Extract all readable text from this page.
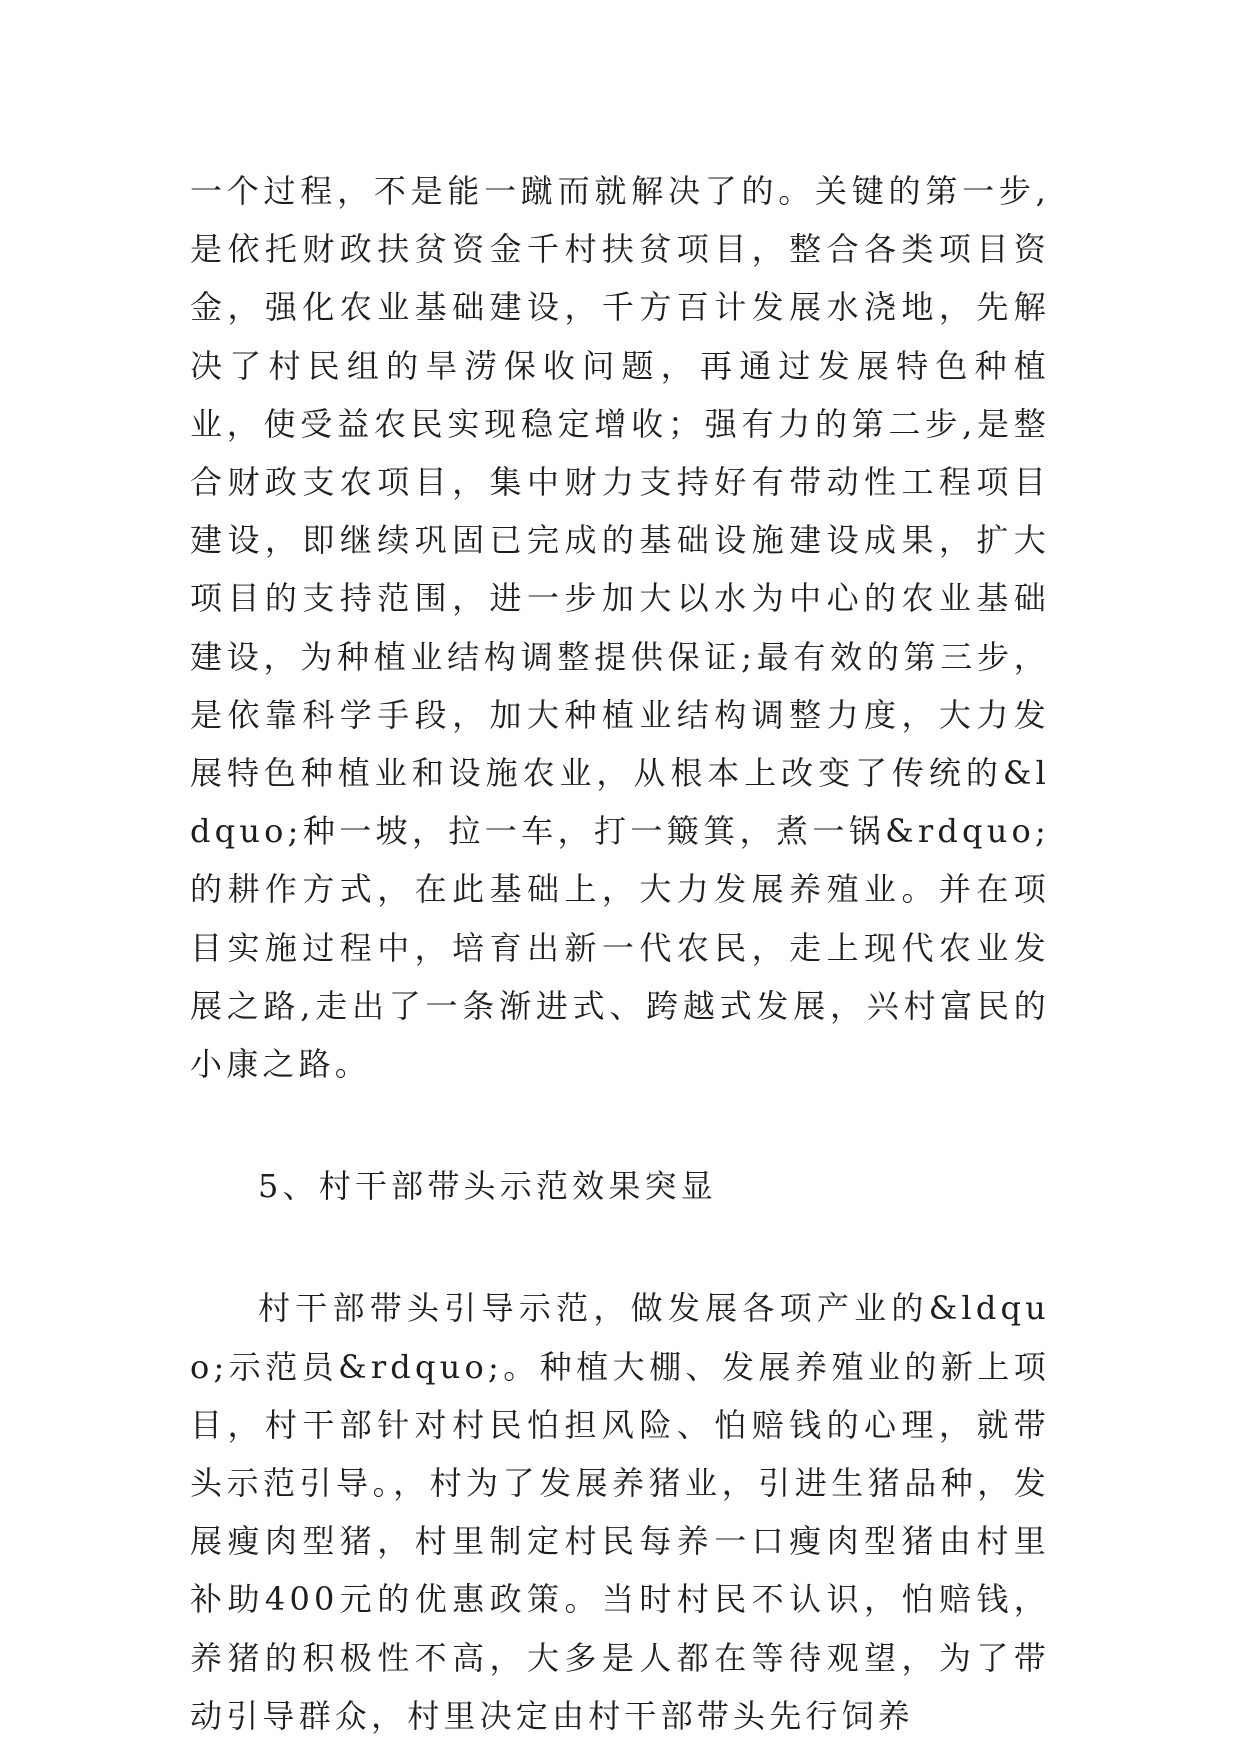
一个过程，不是能一蹴而就解决了的。关键的第一步,是依托财政扶贫资金千村扶贫项目，整合各类项目资金，强化农业基础建设，千方百计发展水浇地，先解决了村民组的旱涝保收问题，再通过发展特色种植业，使受益农民实现稳定增收；强有力的第二步,是整合财政支农项目，集中财力支持好有带动性工程项目建设，即继续巩固已完成的基础设施建设成果，扩大项目的支持范围，进一步加大以水为中心的农业基础建设，为种植业结构调整提供保证;最有效的第三步，是依靠科学手段，加大种植业结构调整力度，大力发展特色种植业和设施农业，从根本上改变了传统的&ldquo;种一坡，拉一车，打一簸箕，煮一锅&rdquo;的耕作方式，在此基础上，大力发展养殖业。并在项目实施过程中，培育出新一代农民，走上现代农业发展之路,走出了一条渐进式、跨越式发展，兴村富民的小康之路。

5、村干部带头示范效果突显

村干部带头引导示范，做发展各项产业的&ldquo;示范员&rdquo;。种植大棚、发展养殖业的新上项目，村干部针对村民怕担风险、怕赔钱的心理，就带头示范引导。，村为了发展养猪业，引进生猪品种，发展瘦肉型猪，村里制定村民每养一口瘦肉型猪由村里补助400元的优惠政策。当时村民不认识，怕赔钱，养猪的积极性不高，大多是人都在等待观望，为了带动引导群众，村里决定由村干部带头先行饲养
